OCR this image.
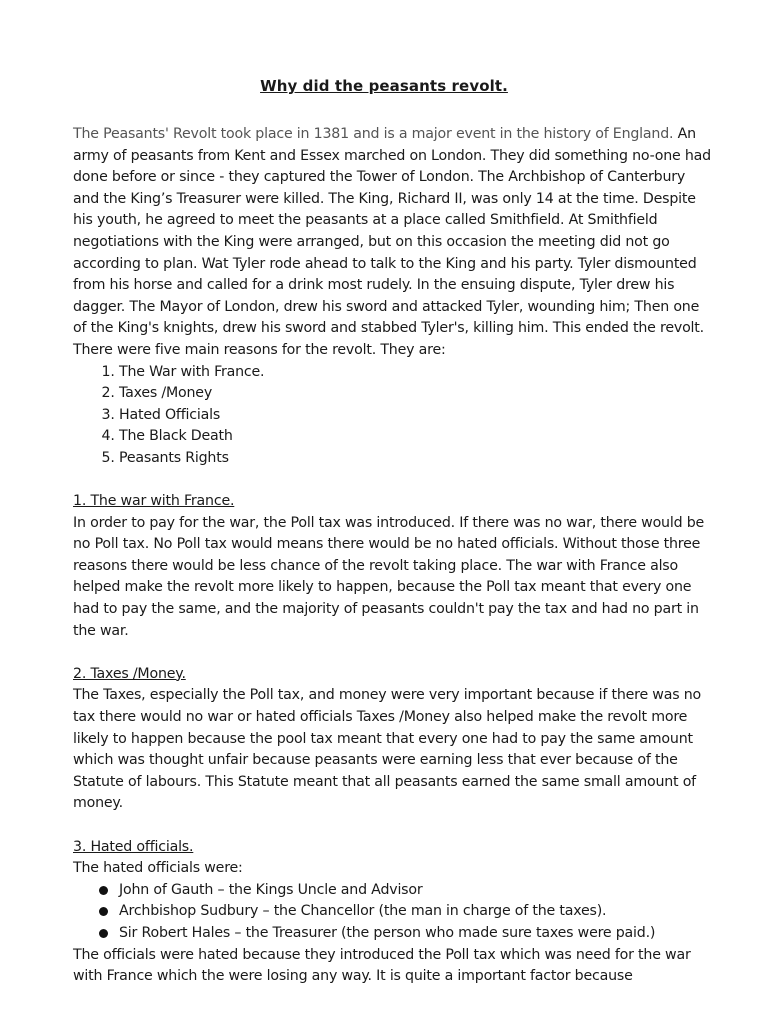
Why did the peasants revolt.

The Peasants' Revolt took place in 1381 and is a major event in the history of England. An army of peasants from Kent and Essex marched on London. They did something no-one had done before or since - they captured the Tower of London. The Archbishop of Canterbury and the King’s Treasurer were killed. The King, Richard II, was only 14 at the time. Despite his youth, he agreed to meet the peasants at a place called Smithfield. At Smithfield negotiations with the King were arranged, but on this occasion the meeting did not go according to plan. Wat Tyler rode ahead to talk to the King and his party. Tyler dismounted from his horse and called for a drink most rudely. In the ensuing dispute, Tyler drew his dagger. The Mayor of London, drew his sword and attacked Tyler, wounding him; Then one of the King's knights, drew his sword and stabbed Tyler's, killing him. This ended the revolt.

There were five main reasons for the revolt. They are:

1. The War with France.
2. Taxes /Money
3. Hated Officials
4. The Black Death
5. Peasants Rights

1. The war with France.

In order to pay for the war, the Poll tax was introduced. If there was no war, there would be no Poll tax. No Poll tax would means there would be no hated officials. Without those three reasons there would be less chance of the revolt taking place. The war with France also helped make the revolt more likely to happen, because the Poll tax meant that every one had to pay the same, and the majority of peasants couldn't pay the tax and had no part in the war.

2. Taxes /Money.

The Taxes, especially the Poll tax, and money were very important because if there was no tax there would no war or hated officials Taxes /Money also helped make the revolt more likely to happen because the pool tax meant that every one had to pay the same amount which was thought unfair because peasants were earning less that ever because of the Statute of labours. This Statute meant that all peasants earned the same small amount of money.

3. Hated officials.

The hated officials were:

John of Gauth – the Kings Uncle and Advisor
Archbishop Sudbury – the Chancellor (the man in charge of the taxes).
Sir Robert Hales – the Treasurer (the person who made sure taxes were paid.)

The officials were hated because they introduced the Poll tax which was need for the war with France which the were losing any way. It is quite a important factor because
